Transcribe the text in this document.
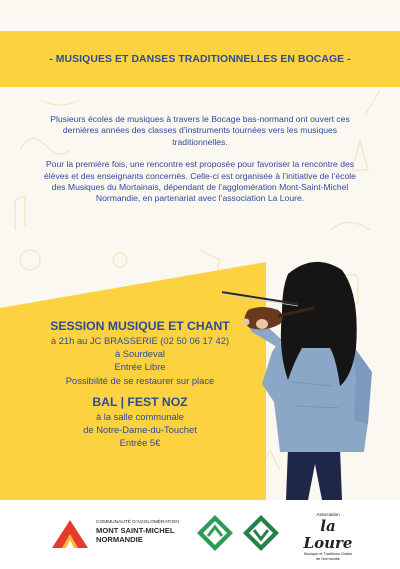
- MUSIQUES ET DANSES TRADITIONNELLES EN BOCAGE -

Plusieurs écoles de musiques à travers le Bocage bas-normand ont ouvert ces dernières années des classes d’instruments tournées vers les musiques traditionnelles.

Pour la première fois, une rencontre est proposée pour favoriser la rencontre des élèves et des enseignants concernés. Celle-ci est organisée à l’initiative de l’école des Musiques du Mortainais, dépendant de l’agglomération Mont-Saint-Michel Normandie, en partenariat avec l’association La Loure.

SESSION MUSIQUE ET CHANT
à 21h au JC BRASSERIE (02 50 06 17 42)
à Sourdeval
Entrée Libre
Possibilité de se restaurer sur place
BAL | FEST NOZ
à la salle communale
de Notre-Dame-du-Touchet
Entrée 5€
COMMUNAUTÉ D’AGGLOMÉRATION
MONT SAINT-MICHEL
NORMANDIE
Association
la Loure
Musique et Traditions Orales
de Normandie
